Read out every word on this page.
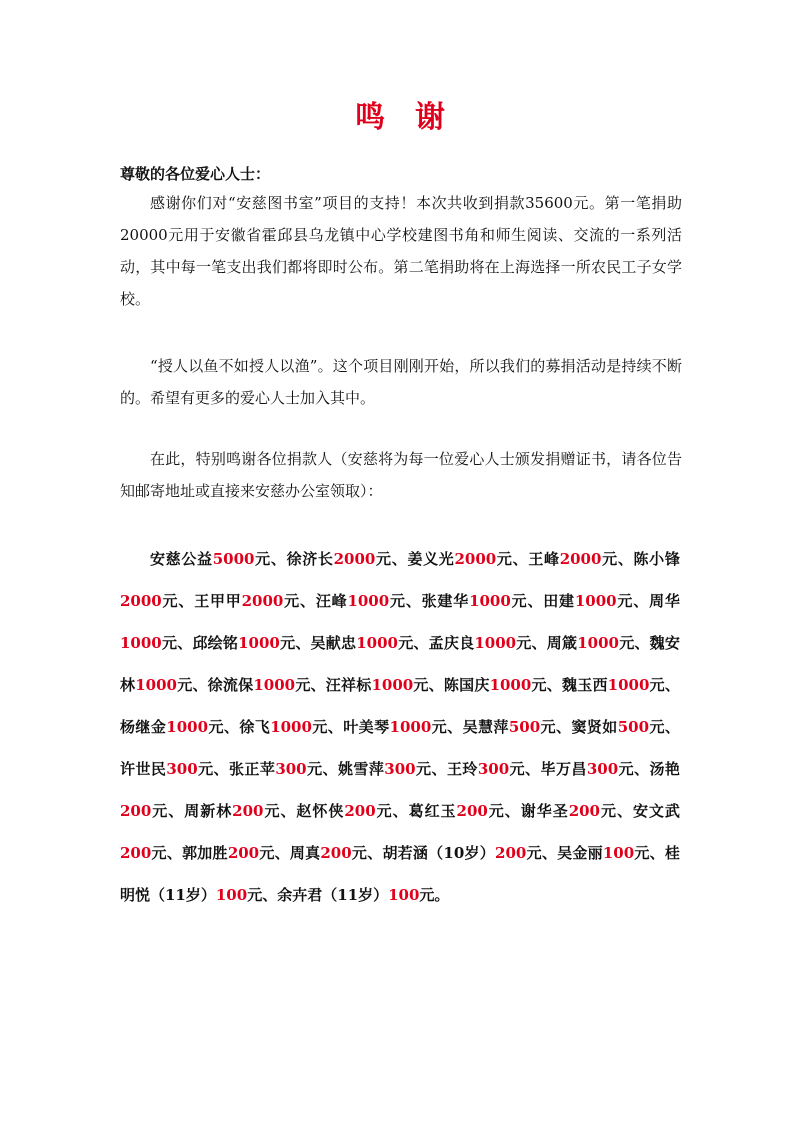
鸣谢
尊敬的各位爱心人士：
感谢你们对“安慈图书室”项目的支持！本次共收到捐款35600元。第一笔捐助20000元用于安徽省霍邱县乌龙镇中心学校建图书角和师生阅读、交流的一系列活动，其中每一笔支出我们都将即时公布。第二笔捐助将在上海选择一所农民工子女学校。
“授人以鱼不如授人以渔”。这个项目刚刚开始，所以我们的募捐活动是持续不断的。希望有更多的爱心人士加入其中。
在此，特别鸣谢各位捐款人（安慈将为每一位爱心人士颁发捐赠证书，请各位告知邮寄地址或直接来安慈办公室领取）：
安慈公益5000元、徐济长2000元、姜义光2000元、王峰2000元、陈小锋2000元、王甲甲2000元、汪峰1000元、张建华1000元、田建1000元、周华1000元、邱绘铭1000元、吴献忠1000元、孟庆良1000元、周箴1000元、魏安林1000元、徐流保1000元、汪祥标1000元、陈国庆1000元、魏玉西1000元、杨继金1000元、徐飞1000元、叶美琴1000元、吴慧萍500元、窦贤如500元、许世民300元、张正苹300元、姚雪萍300元、王玲300元、毕万昌300元、汤艳200元、周新林200元、赵怀侠200元、葛红玉200元、谢华圣200元、安文武200元、郭加胜200元、周真200元、胡若涵（10岁）200元、吴金丽100元、桂明悦（11岁）100元、余卉君（11岁）100元。
